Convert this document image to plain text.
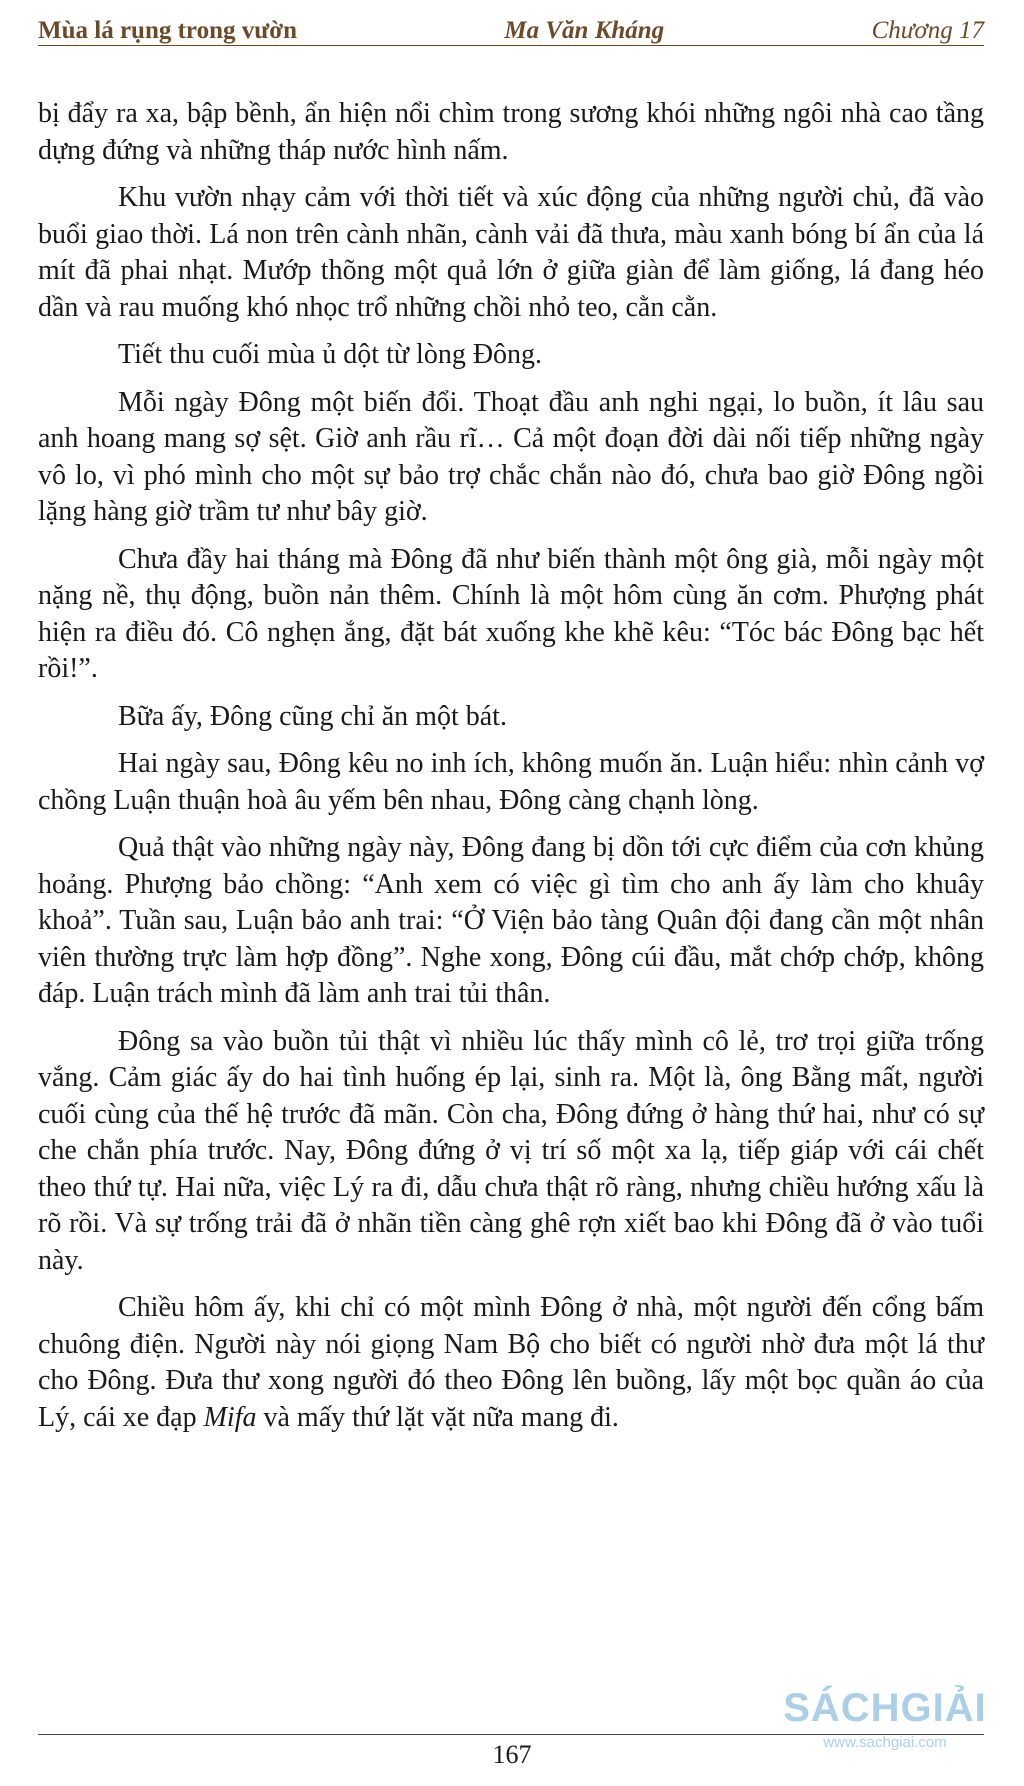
Mùa lá rụng trong vườn	Ma Văn Kháng	Chương 17

bị đẩy ra xa, bập bềnh, ẩn hiện nổi chìm trong sương khói những ngôi nhà cao tầng dựng đứng và những tháp nước hình nấm.

Khu vườn nhạy cảm với thời tiết và xúc động của những người chủ, đã vào buổi giao thời. Lá non trên cành nhãn, cành vải đã thưa, màu xanh bóng bí ẩn của lá mít đã phai nhạt. Mướp thõng một quả lớn ở giữa giàn để làm giống, lá đang héo dần và rau muống khó nhọc trổ những chồi nhỏ teo, cằn cằn.

Tiết thu cuối mùa ủ dột từ lòng Đông.

Mỗi ngày Đông một biến đổi. Thoạt đầu anh nghi ngại, lo buồn, ít lâu sau anh hoang mang sợ sệt. Giờ anh rầu rĩ… Cả một đoạn đời dài nối tiếp những ngày vô lo, vì phó mình cho một sự bảo trợ chắc chắn nào đó, chưa bao giờ Đông ngồi lặng hàng giờ trầm tư như bây giờ.

Chưa đầy hai tháng mà Đông đã như biến thành một ông già, mỗi ngày một nặng nề, thụ động, buồn nản thêm. Chính là một hôm cùng ăn cơm. Phượng phát hiện ra điều đó. Cô nghẹn ắng, đặt bát xuống khe khẽ kêu: “Tóc bác Đông bạc hết rồi!”.

Bữa ấy, Đông cũng chỉ ăn một bát.

Hai ngày sau, Đông kêu no inh ích, không muốn ăn. Luận hiểu: nhìn cảnh vợ chồng Luận thuận hoà âu yếm bên nhau, Đông càng chạnh lòng.

Quả thật vào những ngày này, Đông đang bị dồn tới cực điểm của cơn khủng hoảng. Phượng bảo chồng: “Anh xem có việc gì tìm cho anh ấy làm cho khuây khoả”. Tuần sau, Luận bảo anh trai: “Ở Viện bảo tàng Quân đội đang cần một nhân viên thường trực làm hợp đồng”. Nghe xong, Đông cúi đầu, mắt chớp chớp, không đáp. Luận trách mình đã làm anh trai tủi thân.

Đông sa vào buồn tủi thật vì nhiều lúc thấy mình cô lẻ, trơ trọi giữa trống vắng. Cảm giác ấy do hai tình huống ép lại, sinh ra. Một là, ông Bằng mất, người cuối cùng của thế hệ trước đã mãn. Còn cha, Đông đứng ở hàng thứ hai, như có sự che chắn phía trước. Nay, Đông đứng ở vị trí số một xa lạ, tiếp giáp với cái chết theo thứ tự. Hai nữa, việc Lý ra đi, dẫu chưa thật rõ ràng, nhưng chiều hướng xấu là rõ rồi. Và sự trống trải đã ở nhãn tiền càng ghê rợn xiết bao khi Đông đã ở vào tuổi này.

Chiều hôm ấy, khi chỉ có một mình Đông ở nhà, một người đến cổng bấm chuông điện. Người này nói giọng Nam Bộ cho biết có người nhờ đưa một lá thư cho Đông. Đưa thư xong người đó theo Đông lên buồng, lấy một bọc quần áo của Lý, cái xe đạp Mifa và mấy thứ lặt vặt nữa mang đi.

167
SÁCHGIẢI
www.sachgiai.com
